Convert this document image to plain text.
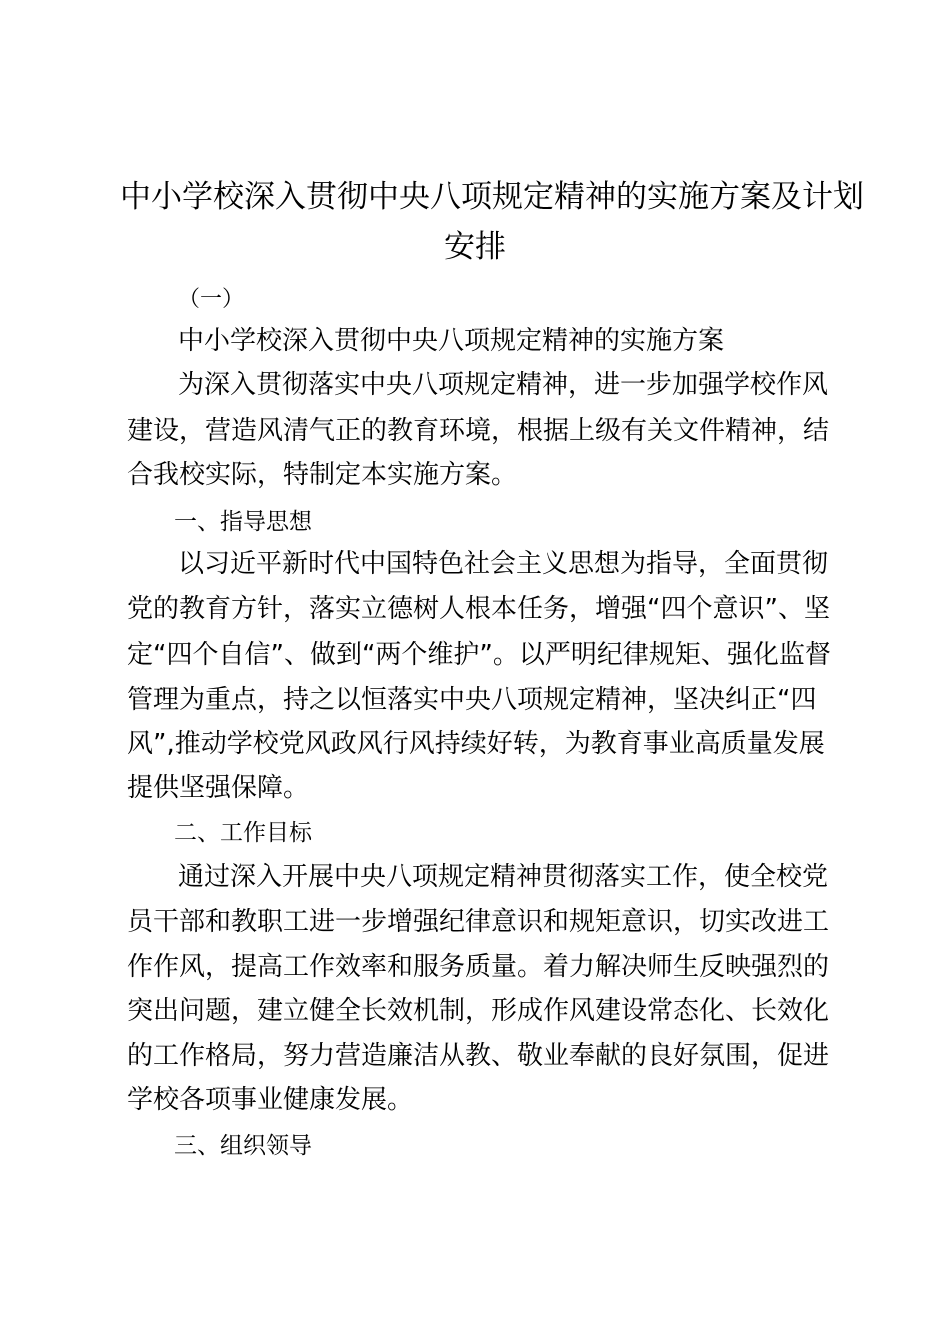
中小学校深入贯彻中央八项规定精神的实施方案及计划
安排
（一）
中小学校深入贯彻中央八项规定精神的实施方案
为深入贯彻落实中央八项规定精神，进一步加强学校作风
建设，营造风清气正的教育环境，根据上级有关文件精神，结
合我校实际，特制定本实施方案。
一、指导思想
以习近平新时代中国特色社会主义思想为指导，全面贯彻
党的教育方针，落实立德树人根本任务，增强“四个意识”、坚
定“四个自信”、做到“两个维护”。以严明纪律规矩、强化监督
管理为重点，持之以恒落实中央八项规定精神，坚决纠正“四
风”,推动学校党风政风行风持续好转，为教育事业高质量发展
提供坚强保障。
二、工作目标
通过深入开展中央八项规定精神贯彻落实工作，使全校党
员干部和教职工进一步增强纪律意识和规矩意识，切实改进工
作作风，提高工作效率和服务质量。着力解决师生反映强烈的
突出问题，建立健全长效机制，形成作风建设常态化、长效化
的工作格局，努力营造廉洁从教、敬业奉献的良好氛围，促进
学校各项事业健康发展。
三、组织领导
